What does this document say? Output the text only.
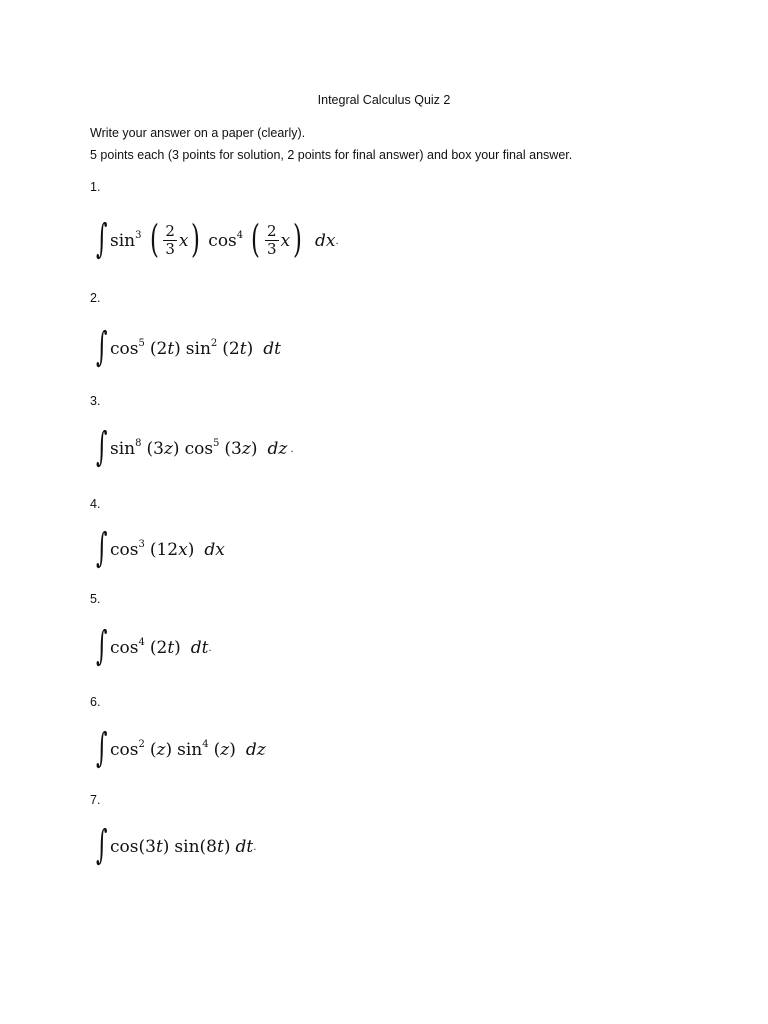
Integral Calculus Quiz 2
Write your answer on a paper (clearly).
5 points each (3 points for solution, 2 points for final answer) and box your final answer.
1.
∫ $\sin^3$ ( $\frac{2}{3}$ x ) $\cos^4$ ( $\frac{2}{3}$ x ) dx .
2.
∫ $\cos^5 (2$ t ) $\sin^2 (2$ t ) dt
3.
∫ $\sin^8 (3$ z ) $\cos^5 (3$ z ) dz .
4.
∫ $\cos^3 (12$ x ) dx
5.
∫ $\cos^4 (2$ t ) dt .
6.
∫ $\cos^2$ ( z ) $\sin^4$ ( z ) dz
7.
∫ cos(3 t ) sin(8 t ) dt .
